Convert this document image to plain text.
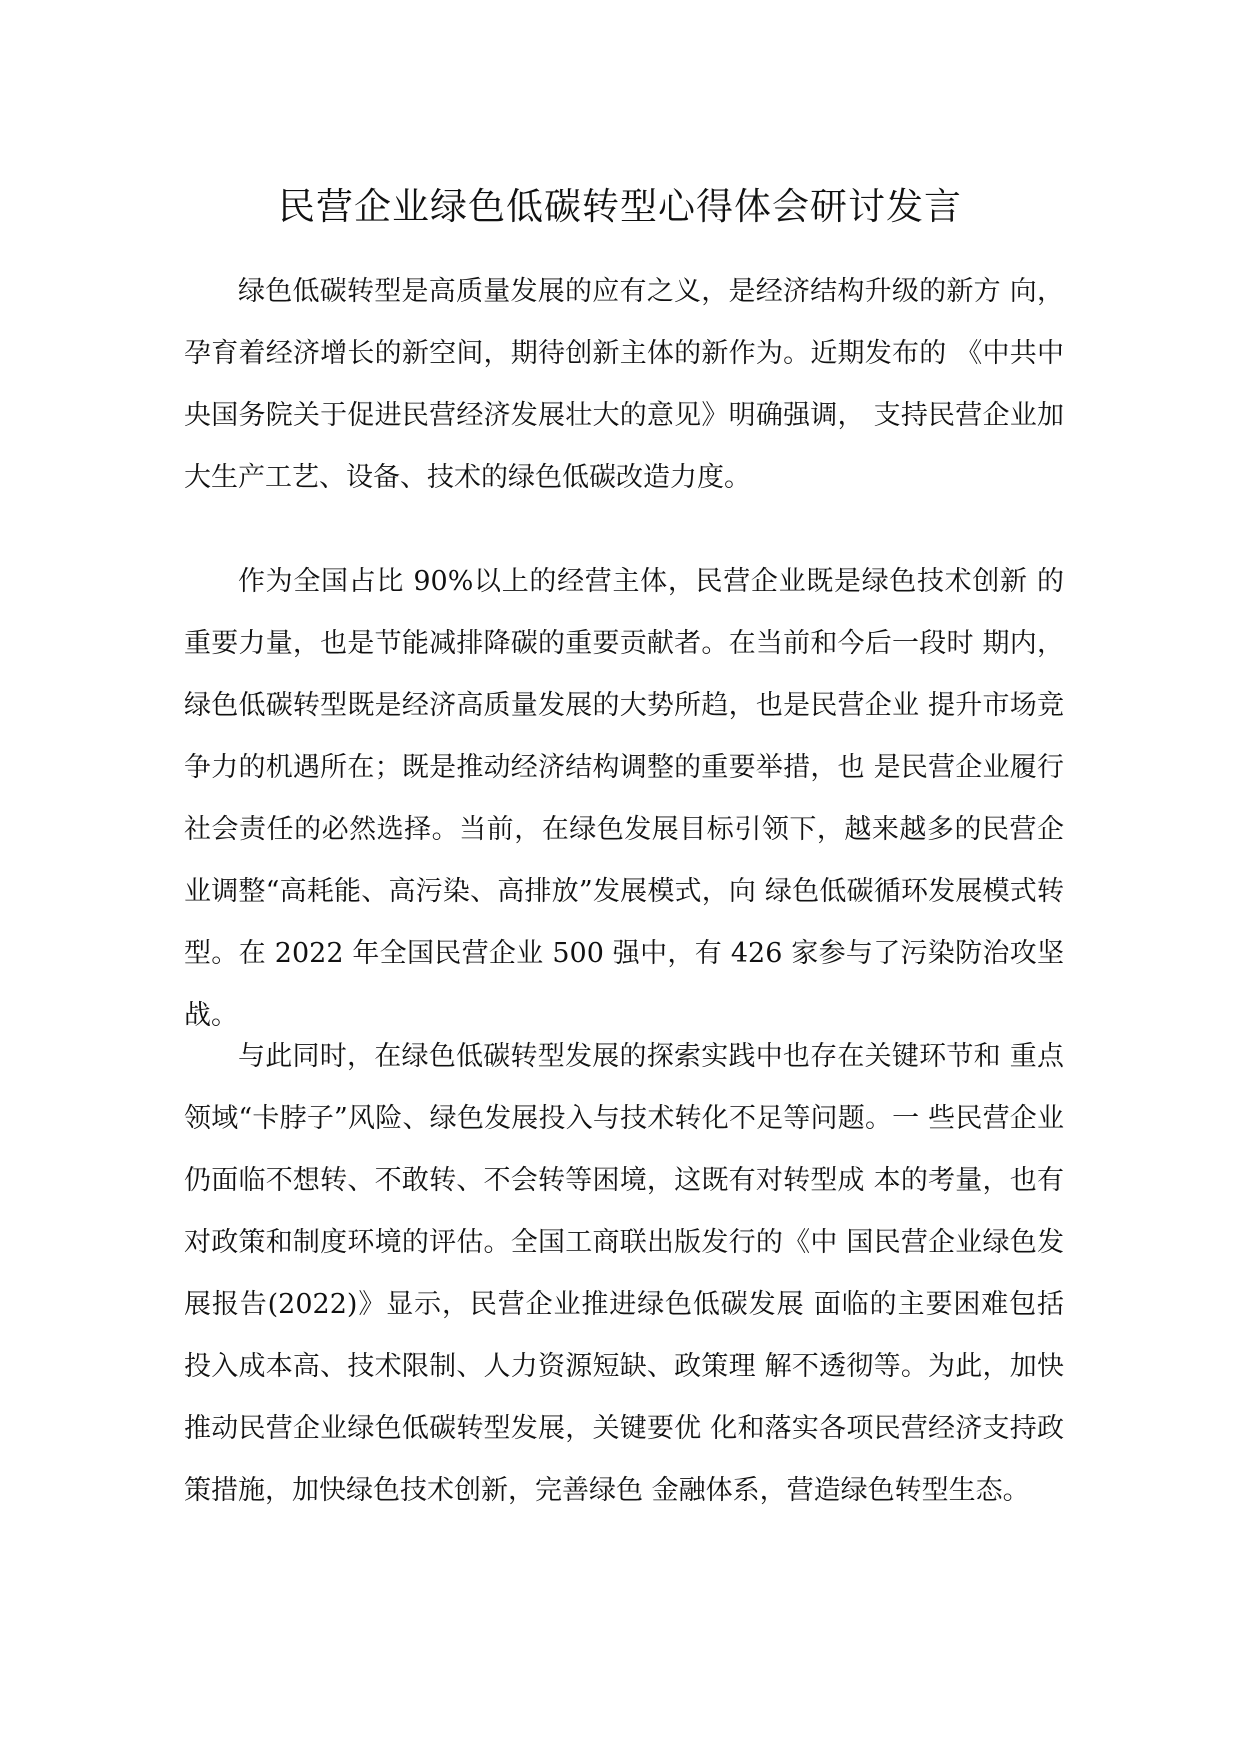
民营企业绿色低碳转型心得体会研讨发言

绿色低碳转型是高质量发展的应有之义，是经济结构升级的新方 向，孕育着经济增长的新空间，期待创新主体的新作为。近期发布的 《中共中央国务院关于促进民营经济发展壮大的意见》明确强调， 支持民营企业加大生产工艺、设备、技术的绿色低碳改造力度。

作为全国占比 90%以上的经营主体，民营企业既是绿色技术创新 的重要力量，也是节能减排降碳的重要贡献者。在当前和今后一段时 期内，绿色低碳转型既是经济高质量发展的大势所趋，也是民营企业 提升市场竞争力的机遇所在；既是推动经济结构调整的重要举措，也 是民营企业履行社会责任的必然选择。当前，在绿色发展目标引领下，越来越多的民营企业调整“高耗能、高污染、高排放”发展模式，向 绿色低碳循环发展模式转型。在 2022 年全国民营企业 500 强中，有 426 家参与了污染防治攻坚战。

与此同时，在绿色低碳转型发展的探索实践中也存在关键环节和 重点领域“卡脖子”风险、绿色发展投入与技术转化不足等问题。一 些民营企业仍面临不想转、不敢转、不会转等困境，这既有对转型成 本的考量，也有对政策和制度环境的评估。全国工商联出版发行的《中 国民营企业绿色发展报告(2022)》显示，民营企业推进绿色低碳发展 面临的主要困难包括投入成本高、技术限制、人力资源短缺、政策理 解不透彻等。为此，加快推动民营企业绿色低碳转型发展，关键要优 化和落实各项民营经济支持政策措施，加快绿色技术创新，完善绿色 金融体系，营造绿色转型生态。
